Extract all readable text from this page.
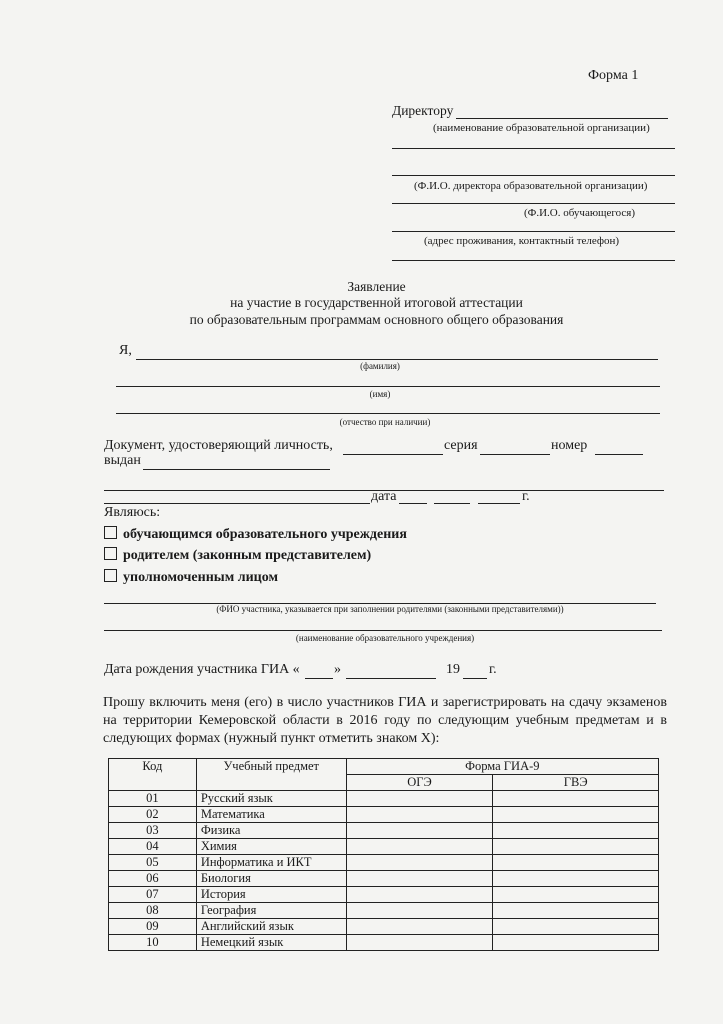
Форма 1
Директору
(наименование образовательной организации)
(Ф.И.О. директора образовательной организации)
(Ф.И.О. обучающегося)
(адрес проживания, контактный телефон)
Заявление
на участие в государственной итоговой аттестации
по образовательным программам основного общего образования
Я,
(фамилия)
(имя)
(отчество при наличии)
Документ, удостоверяющий личность,	серия	номер
выдан
дата	г.
Являюсь:
обучающимся образовательного учреждения
родителем (законным представителем)
уполномоченным лицом
(ФИО участника, указывается при заполнении родителями (законными представителями))
(наименование образовательного учреждения)
Дата рождения участника ГИА « »	19 г.
Прошу включить меня (его) в число участников ГИА и зарегистрировать на сдачу экзаменов на территории Кемеровской области в 2016 году по следующим учебным предметам и в следующих формах (нужный пункт отметить знаком Х):
Код	Учебный предмет	Форма ГИА-9	
		ОГЭ	ГВЭ
01	Русский язык		
02	Математика		
03	Физика		
04	Химия		
05	Информатика и ИКТ		
06	Биология		
07	История		
08	География		
09	Английский язык		
10	Немецкий язык		
